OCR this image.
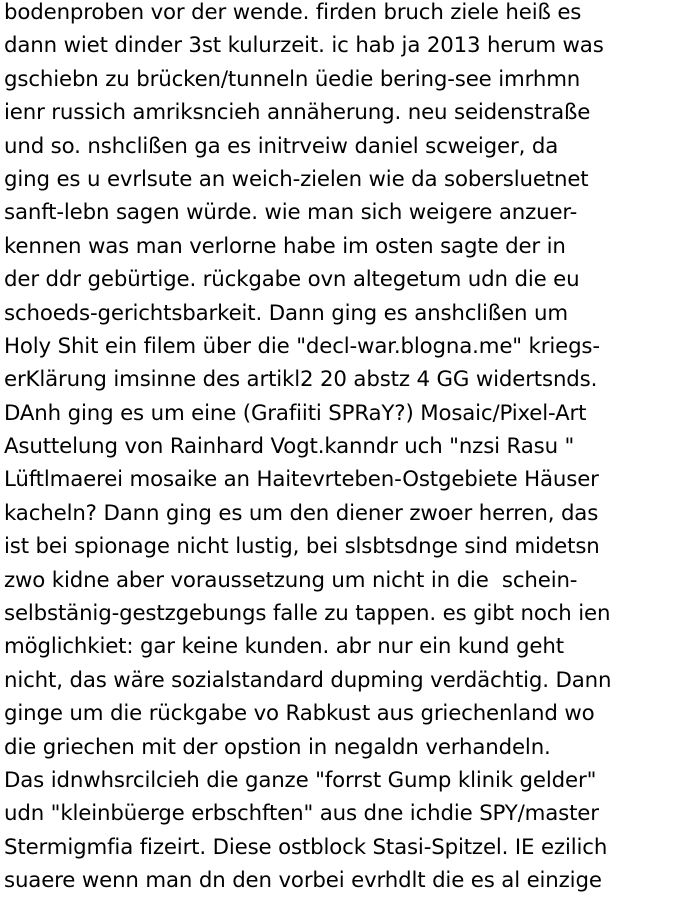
bodenproben vor der wende. firden bruch ziele heiß es
dann wiet dinder 3st kulurzeit. ic hab ja 2013 herum was
gschiebn zu brücken/tunneln üedie bering-see imrhmn
ienr russich amriksncieh annäherung. neu seidenstraße
und so. nshclißen ga es initrveiw daniel scweiger, da
ging es u evrlsute an weich-zielen wie da sobersluetnet
sanft-lebn sagen würde. wie man sich weigere anzuer-
kennen was man verlorne habe im osten sagte der in
der ddr gebürtige. rückgabe ovn altegetum udn die eu
schoeds-gerichtsbarkeit. Dann ging es anshclißen um
Holy Shit ein filem über die "decl-war.blogna.me" kriegs-
erKlärung imsinne des artikl2 20 abstz 4 GG widertsnds.
DAnh ging es um eine (Grafiiti SPRaY?) Mosaic/Pixel-Art
Asuttelung von Rainhard Vogt.kanndr uch "nzsi Rasu "
Lüftlmaerei mosaike an Haitevrteben-Ostgebiete Häuser
kacheln? Dann ging es um den diener zwoer herren, das
ist bei spionage nicht lustig, bei slsbtsdnge sind midetsn
zwo kidne aber voraussetzung um nicht in die  schein-
selbstänig-gestzgebungs falle zu tappen. es gibt noch ien
möglichkiet: gar keine kunden. abr nur ein kund geht
nicht, das wäre sozialstandard dupming verdächtig. Dann
ginge um die rückgabe vo Rabkust aus griechenland wo
die griechen mit der opstion in negaldn verhandeln.
Das idnwhsrcilcieh die ganze "forrst Gump klinik gelder"
udn "kleinbüerge erbschften" aus dne ichdie SPY/master
Stermigmfia fizeirt. Diese ostblock Stasi-Spitzel. IE ezilich
suaere wenn man dn den vorbei evrhdlt die es al einzige
